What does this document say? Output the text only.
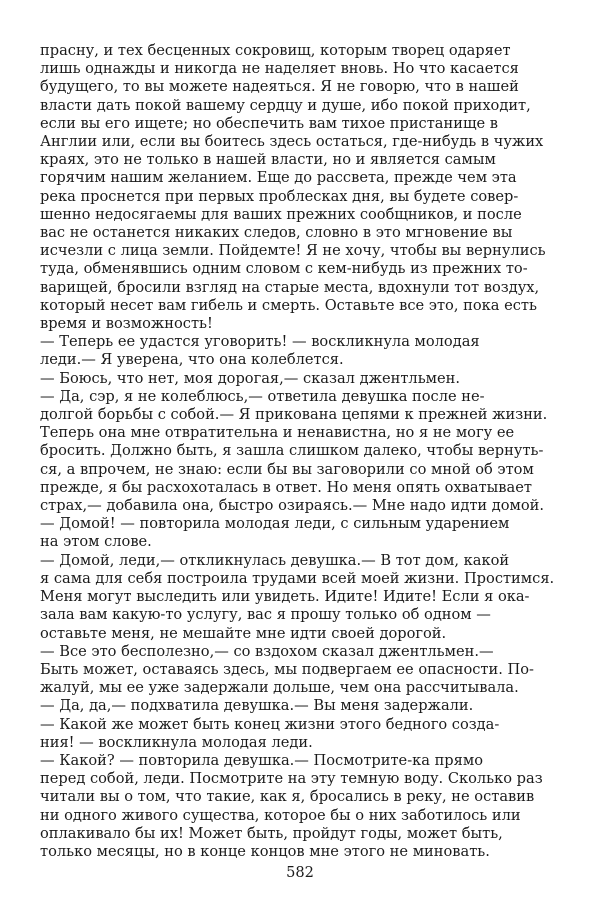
прасну, и тех бесценных сокровищ, которым творец одаряет
лишь однажды и никогда не наделяет вновь. Но что касается
будущего, то вы можете надеяться. Я не говорю, что в нашей
власти дать покой вашему сердцу и душе, ибо покой приходит,
если вы его ищете; но обеспечить вам тихое пристанище в
Англии или, если вы боитесь здесь остаться, где-нибудь в чужих
краях, это не только в нашей власти, но и является самым
горячим нашим желанием. Еще до рассвета, прежде чем эта
река проснется при первых проблесках дня, вы будете совер-
шенно недосягаемы для ваших прежних сообщников, и после
вас не останется никаких следов, словно в это мгновение вы
исчезли с лица земли. Пойдемте! Я не хочу, чтобы вы вернулись
туда, обменявшись одним словом с кем-нибудь из прежних то-
варищей, бросили взгляд на старые места, вдохнули тот воздух,
который несет вам гибель и смерть. Оставьте все это, пока есть
время и возможность!

— Теперь ее удастся уговорить! — воскликнула молодая
леди.— Я уверена, что она колеблется.

— Боюсь, что нет, моя дорогая,— сказал джентльмен.

— Да, сэр, я не колеблюсь,— ответила девушка после не-
долгой борьбы с собой.— Я прикована цепями к прежней жизни.
Теперь она мне отвратительна и ненавистна, но я не могу ее
бросить. Должно быть, я зашла слишком далеко, чтобы вернуть-
ся, а впрочем, не знаю: если бы вы заговорили со мной об этом
прежде, я бы расхохоталась в ответ. Но меня опять охватывает
страх,— добавила она, быстро озираясь.— Мне надо идти домой.

— Домой! — повторила молодая леди, с сильным ударением
на этом слове.

— Домой, леди,— откликнулась девушка.— В тот дом, какой
я сама для себя построила трудами всей моей жизни. Простимся.
Меня могут выследить или увидеть. Идите! Идите! Если я ока-
зала вам какую-то услугу, вас я прошу только об одном —
оставьте меня, не мешайте мне идти своей дорогой.

— Все это бесполезно,— со вздохом сказал джентльмен.—
Быть может, оставаясь здесь, мы подвергаем ее опасности. По-
жалуй, мы ее уже задержали дольше, чем она рассчитывала.

— Да, да,— подхватила девушка.— Вы меня задержали.

— Какой же может быть конец жизни этого бедного созда-
ния! — воскликнула молодая леди.

— Какой? — повторила девушка.— Посмотрите-ка прямо
перед собой, леди. Посмотрите на эту темную воду. Сколько раз
читали вы о том, что такие, как я, бросались в реку, не оставив
ни одного живого существа, которое бы о них заботилось или
оплакивало бы их! Может быть, пройдут годы, может быть,
только месяцы, но в конце концов мне этого не миновать.

582
